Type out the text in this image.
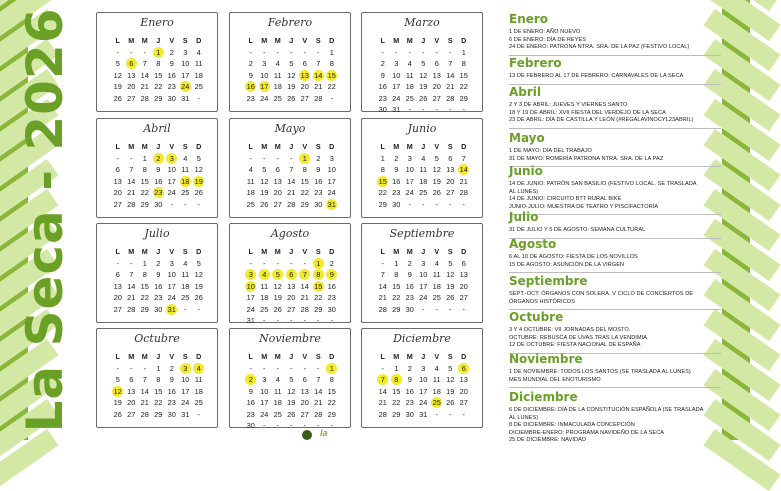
La Seca - 2026	Enero
L	M	M	J	V	S	D
-	-	-	1	2	3	4
5	6	7	8	9	10	11
12	13	14	15	16	17	18
19	20	21	22	23	24	25
26	27	28	29	30	31	-
Febrero
L	M	M	J	V	S	D
-	-	-	-	-	-	1
2	3	4	5	6	7	8
9	10	11	12	13	14	15
16	17	18	19	20	21	22
23	24	25	26	27	28	-
Marzo
L	M	M	J	V	S	D
-	-	-	-	-	-	1
2	3	4	5	6	7	8
9	10	11	12	13	14	15
16	17	18	19	20	21	22
23	24	25	26	27	28	29
30	31	-	-	-	-	-
Abril
L	M	M	J	V	S	D
-	-	1	2	3	4	5
6	7	8	9	10	11	12
13	14	15	16	17	18	19
20	21	22	23	24	25	26
27	28	29	30	-	-	-
Mayo
L	M	M	J	V	S	D
-	-	-	-	1	2	3
4	5	6	7	8	9	10
11	12	13	14	15	16	17
18	19	20	21	22	23	24
25	26	27	28	29	30	31
Junio
L	M	M	J	V	S	D
1	2	3	4	5	6	7
8	9	10	11	12	13	14
15	16	17	18	19	20	21
22	23	24	25	26	27	28
29	30	-	-	-	-	-
Julio
L	M	M	J	V	S	D
-	-	1	2	3	4	5
6	7	8	9	10	11	12
13	14	15	16	17	18	19
20	21	22	23	24	25	26
27	28	29	30	31	-	-
Agosto
L	M	M	J	V	S	D
-	-	-	-	-	1	2
3	4	5	6	7	8	9
10	11	12	13	14	15	16
17	18	19	20	21	22	23
24	25	26	27	28	29	30
31	-	-	-	-	-	-
Septiembre
L	M	M	J	V	S	D
-	1	2	3	4	5	6
7	8	9	10	11	12	13
14	15	16	17	18	19	20
21	22	23	24	25	26	27
28	29	30	-	-	-	-
Octubre
L	M	M	J	V	S	D
-	-	-	1	2	3	4
5	6	7	8	9	10	11
12	13	14	15	16	17	18
19	20	21	22	23	24	25
26	27	28	29	30	31	-
Noviembre
L	M	M	J	V	S	D
-	-	-	-	-	-	1
2	3	4	5	6	7	8
9	10	11	12	13	14	15
16	17	18	19	20	21	22
23	24	25	26	27	28	29
30	-	-	-	-	-	-
Diciembre
L	M	M	J	V	S	D
-	1	2	3	4	5	6
7	8	9	10	11	12	13
14	15	16	17	18	19	20
21	22	23	24	25	26	27
28	29	30	31	-	-	-
Enero
1 DE ENERO: AÑO NUEVO
6 DE ENERO: DÍA DE REYES
24 DE ENERO: PATRONA NTRA. SRA. DE LA PAZ (FESTIVO LOCAL)
Febrero
13 DE FEBRERO AL 17 DE FEBRERO: CARNAVALES DE LA SECA
Abril
2 Y 3 DE ABRIL: JUEVES Y VIERNES SANTO
18 Y 19 DE ABRIL: XVII FIESTA DEL VERDEJO DE LA SECA
23 DE ABRIL: DÍA DE CASTILLA Y LEÓN (#REGALAVINOCYL23ABRIL)
Mayo
1 DE MAYO: DÍA DEL TRABAJO
31 DE MAYO: ROMERÍA PATRONA NTRA. SRA. DE LA PAZ
Junio
14 DE JUNIO: PATRÓN SAN BASILIO (FESTIVO LOCAL. SE TRASLADA
AL LUNES)
14 DE JUNIO: CIRCUITO BTT RURAL BIKE
JUNIO-JULIO: MUESTRA DE TEATRO Y PISCIFACTORÍA
Julio
31 DE JULIO Y 5 DE AGOSTO: SEMANA CULTURAL
Agosto
6 AL 10 DE AGOSTO: FIESTA DE LOS NOVILLOS
15 DE AGOSTO: ASUNCIÓN DE LA VIRGEN
Septiembre
SEPT.-OCT: ÓRGANOS CON SOLERA. V CICLO DE CONCIERTOS DE
ÓRGANOS HISTÓRICOS
Octubre
3 Y 4 OCTUBRE: VII JORNADAS DEL MOSTO.
OCTUBRE: REBUSCA DE UVAS TRAS LA VENDIMIA
12 DE OCTUBRE: FIESTA NACIONAL DE ESPAÑA
Noviembre
1 DE NOVIEMBRE: TODOS LOS SANTOS (SE TRASLADA AL LUNES)
MES MUNDIAL DEL ENOTURISMO
Diciembre
6 DE DICIEMBRE: DÍA DE LA CONSTITUCIÓN ESPAÑOLA (SE TRASLADA
AL LUNES)
8 DE DICIEMBRE: INMACULADA CONCEPCIÓN
DICIEMBRE-ENERO: PROGRAMA NAVIDEÑO DE LA SECA
25 DE DICIEMBRE: NAVIDAD
la
